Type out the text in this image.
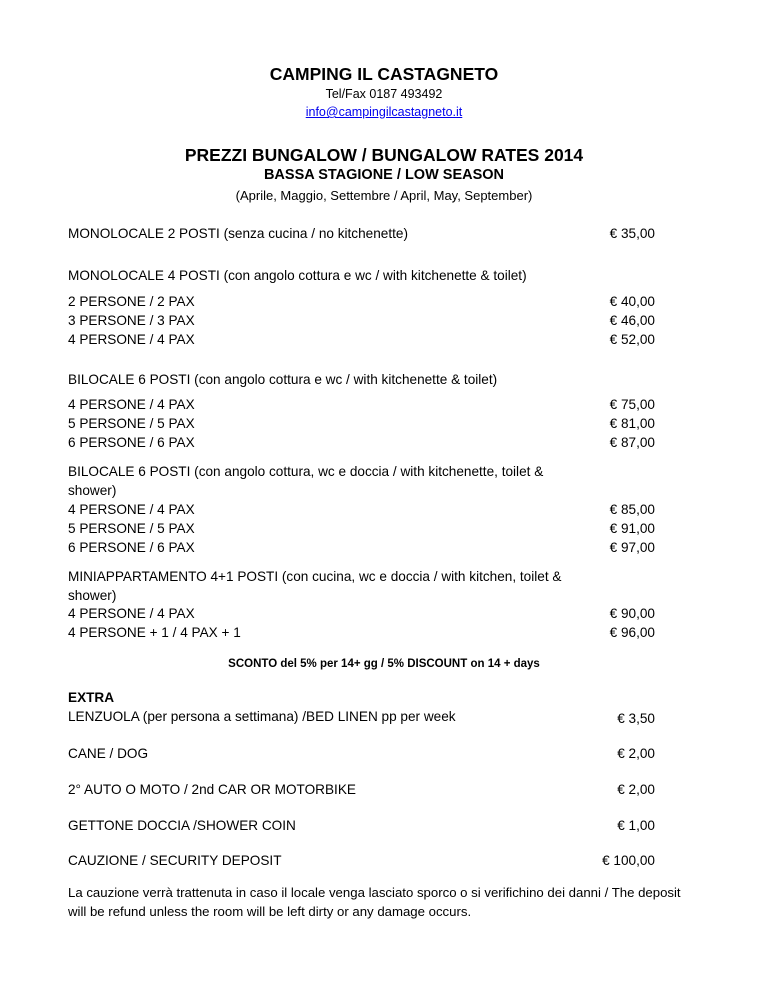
CAMPING IL CASTAGNETO
Tel/Fax 0187 493492
info@campingilcastagneto.it
PREZZI BUNGALOW / BUNGALOW RATES 2014
BASSA STAGIONE / LOW SEASON
(Aprile, Maggio, Settembre / April, May, September)
MONOLOCALE 2 POSTI (senza cucina / no kitchenette)	€ 35,00
MONOLOCALE 4 POSTI (con angolo cottura e wc / with kitchenette & toilet)
2 PERSONE / 2 PAX	€ 40,00
3 PERSONE / 3 PAX	€ 46,00
4 PERSONE / 4 PAX	€ 52,00
BILOCALE 6 POSTI (con angolo cottura e wc / with kitchenette & toilet)
4 PERSONE / 4 PAX	€ 75,00
5 PERSONE / 5 PAX	€ 81,00
6 PERSONE / 6 PAX	€ 87,00
BILOCALE 6 POSTI (con angolo cottura, wc e doccia / with kitchenette, toilet & shower)
4 PERSONE / 4 PAX	€ 85,00
5 PERSONE / 5 PAX	€ 91,00
6 PERSONE / 6 PAX	€ 97,00
MINIAPPARTAMENTO 4+1 POSTI (con cucina, wc e doccia / with kitchen, toilet & shower)
4 PERSONE / 4 PAX	€ 90,00
4 PERSONE + 1 / 4 PAX + 1	€ 96,00
SCONTO del 5% per 14+ gg / 5% DISCOUNT on 14 + days
EXTRA
LENZUOLA (per persona a settimana) /BED LINEN pp per week	€ 3,50
CANE / DOG	€ 2,00
2° AUTO O MOTO / 2nd CAR OR MOTORBIKE	€ 2,00
GETTONE DOCCIA /SHOWER COIN	€ 1,00
CAUZIONE / SECURITY DEPOSIT	€ 100,00
La cauzione verrà trattenuta in caso il locale venga lasciato sporco o si verifichino dei danni / The deposit will be refund unless the room will be left dirty or any damage occurs.
